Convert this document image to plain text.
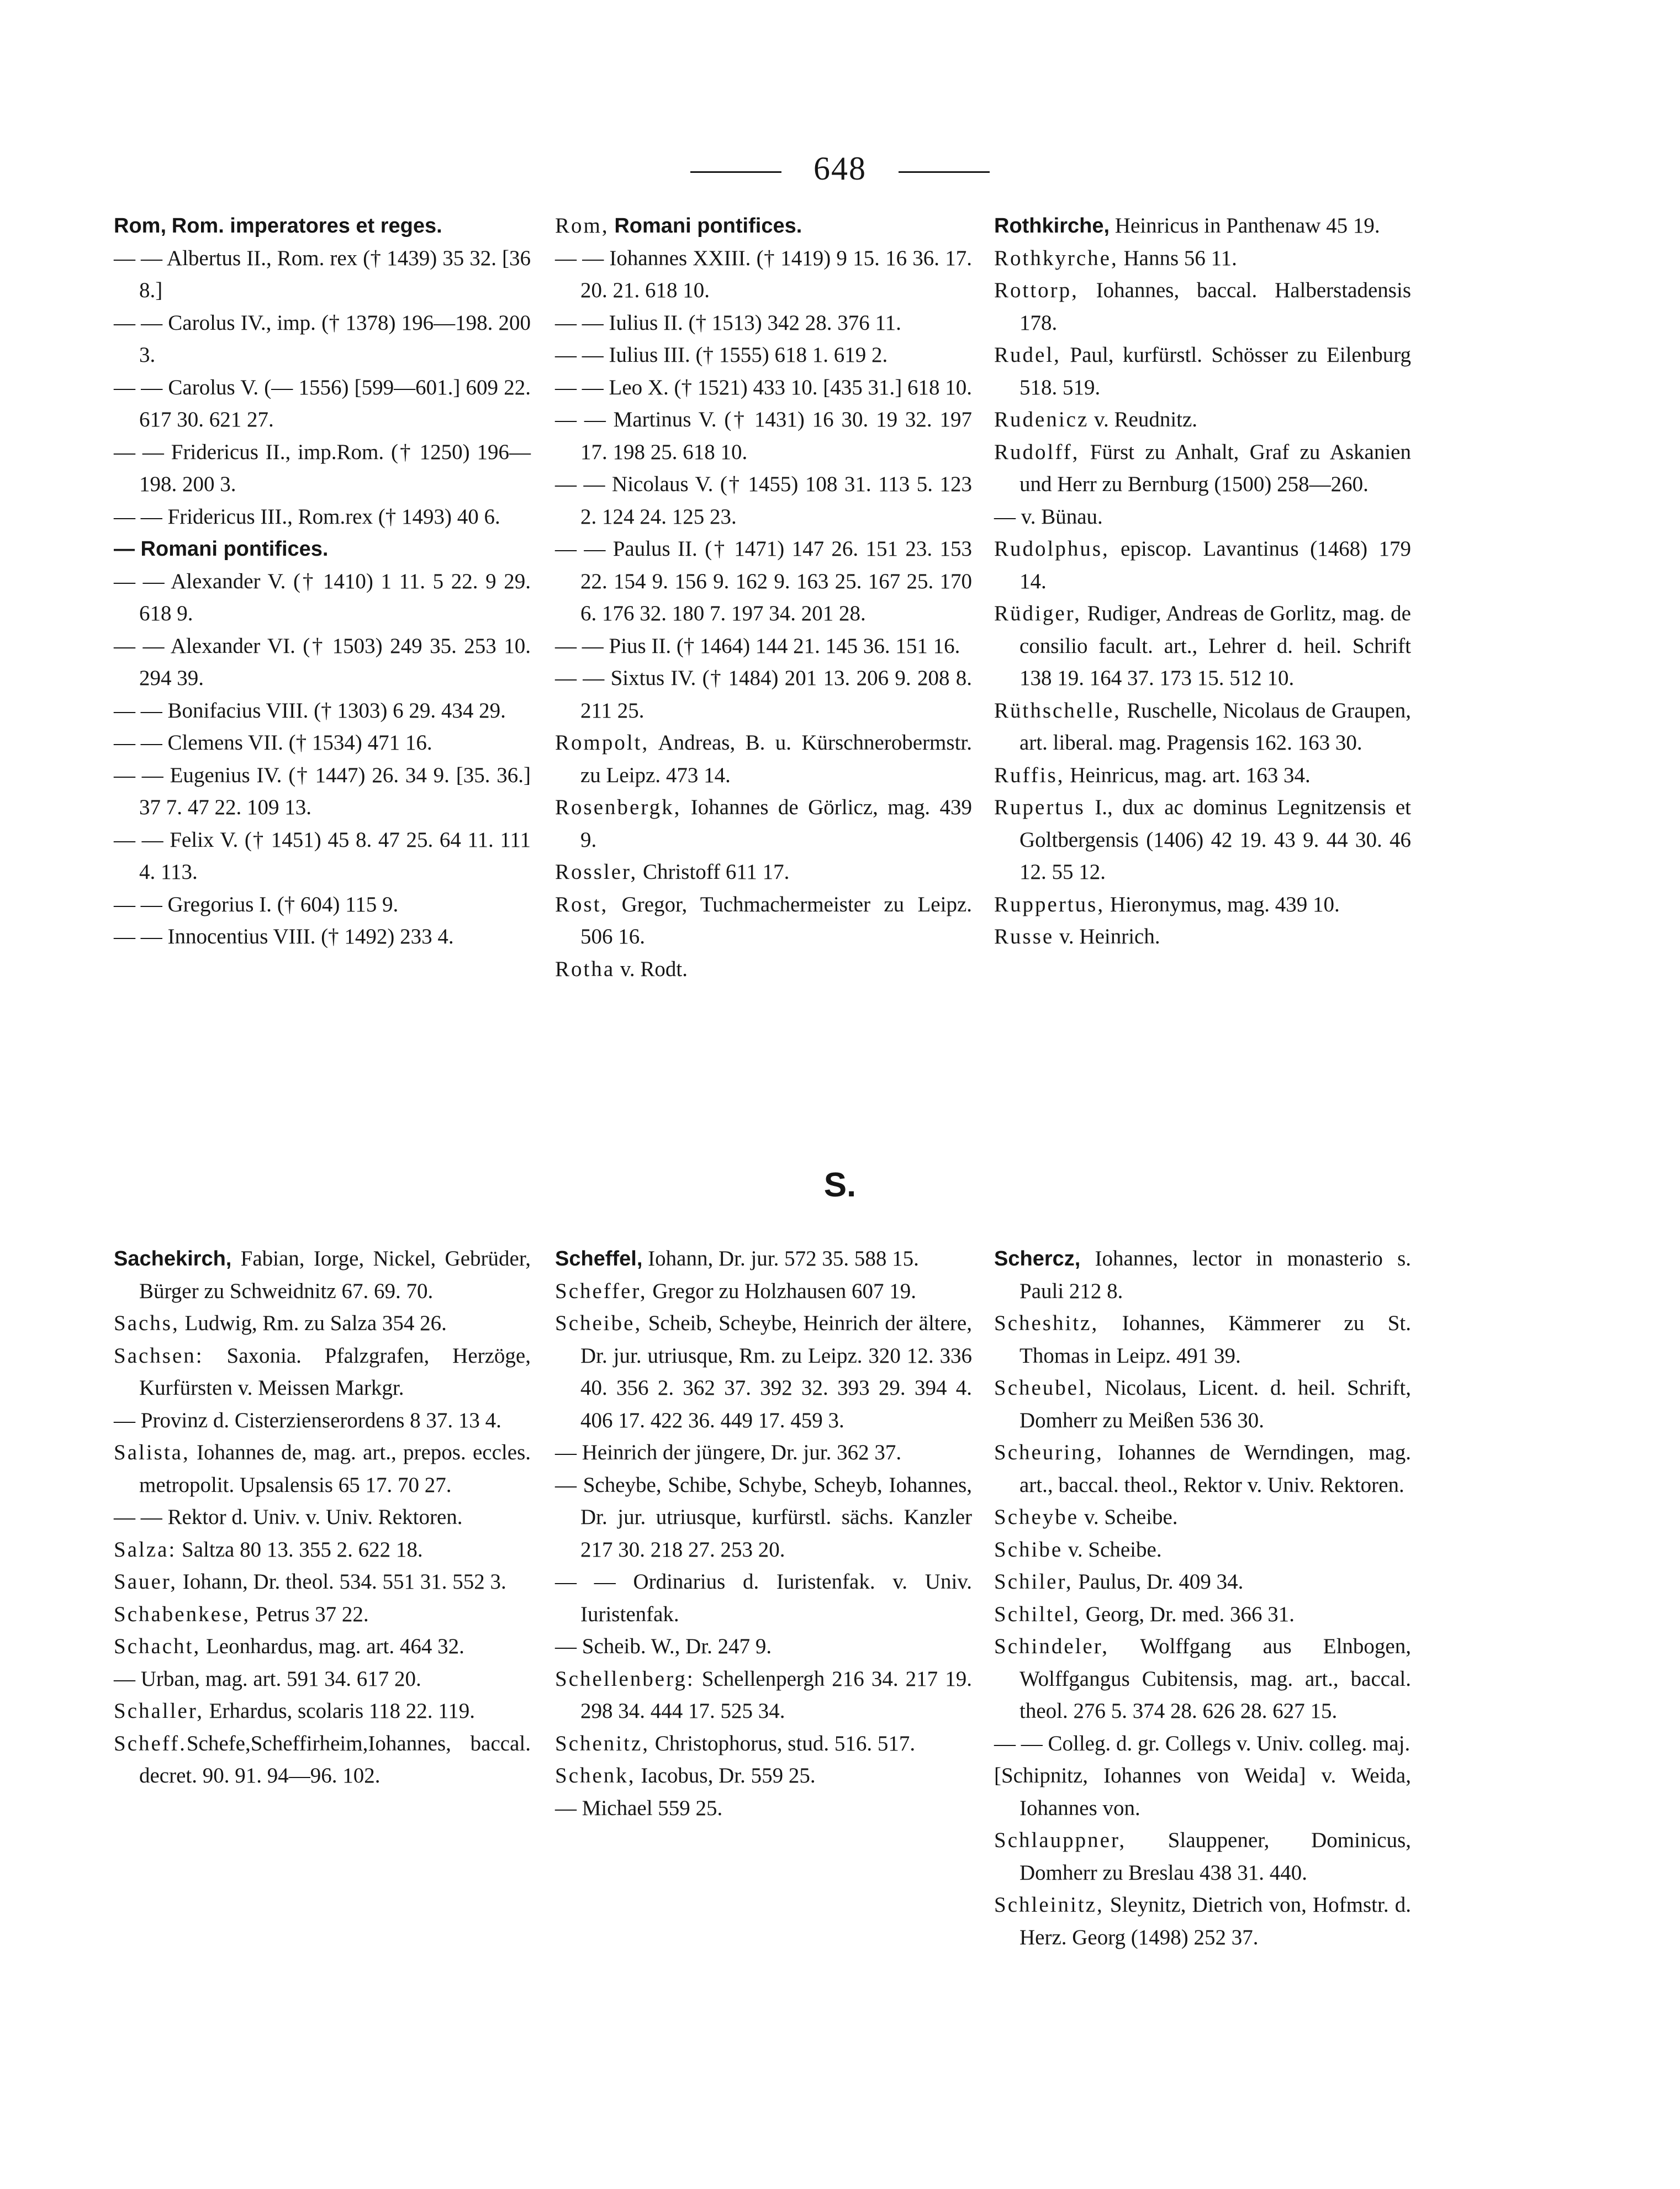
648
Rom, Rom. imperatores et reges.
— — Albertus II., Rom. rex († 1439) 35 32. [36 8.]
— — Carolus IV., imp. († 1378) 196—198. 200 3.
— — Carolus V. (— 1556) [599—601.] 609 22. 617 30. 621 27.
— — Fridericus II., imp.Rom. († 1250) 196—198. 200 3.
— — Fridericus III., Rom.rex († 1493) 40 6.
— Romani pontifices.
— — Alexander V. († 1410) 1 11. 5 22. 9 29. 618 9.
— — Alexander VI. († 1503) 249 35. 253 10. 294 39.
— — Bonifacius VIII. († 1303) 6 29. 434 29.
— — Clemens VII. († 1534) 471 16.
— — Eugenius IV. († 1447) 26. 34 9. [35. 36.] 37 7. 47 22. 109 13.
— — Felix V. († 1451) 45 8. 47 25. 64 11. 111 4. 113.
— — Gregorius I. († 604) 115 9.
— — Innocentius VIII. († 1492) 233 4.
Rom, Romani pontifices.
— — Iohannes XXIII. († 1419) 9 15. 16 36. 17. 20. 21. 618 10.
— — Iulius II. († 1513) 342 28. 376 11.
— — Iulius III. († 1555) 618 1. 619 2.
— — Leo X. († 1521) 433 10. [435 31.] 618 10.
— — Martinus V. († 1431) 16 30. 19 32. 197 17. 198 25. 618 10.
— — Nicolaus V. († 1455) 108 31. 113 5. 123 2. 124 24. 125 23.
— — Paulus II. († 1471) 147 26. 151 23. 153 22. 154 9. 156 9. 162 9. 163 25. 167 25. 170 6. 176 32. 180 7. 197 34. 201 28.
— — Pius II. († 1464) 144 21. 145 36. 151 16.
— — Sixtus IV. († 1484) 201 13. 206 9. 208 8. 211 25.
Rompolt, Andreas, B. u. Kürschnerobermstr. zu Leipz. 473 14.
Rosenbergk, Iohannes de Görlicz, mag. 439 9.
Rossler, Christoff 611 17.
Rost, Gregor, Tuchmachermeister zu Leipz. 506 16.
Rotha v. Rodt.
Rothkirche, Heinricus in Panthenaw 45 19.
Rothkyrche, Hanns 56 11.
Rottorp, Iohannes, baccal. Halberstadensis 178.
Rudel, Paul, kurfürstl. Schösser zu Eilenburg 518. 519.
Rudenicz v. Reudnitz.
Rudolff, Fürst zu Anhalt, Graf zu Askanien und Herr zu Bernburg (1500) 258—260.
— v. Bünau.
Rudolphus, episcop. Lavantinus (1468) 179 14.
Rüdiger, Rudiger, Andreas de Gorlitz, mag. de consilio facult. art., Lehrer d. heil. Schrift 138 19. 164 37. 173 15. 512 10.
Rüthschelle, Ruschelle, Nicolaus de Graupen, art. liberal. mag. Pragensis 162. 163 30.
Ruffis, Heinricus, mag. art. 163 34.
Rupertus I., dux ac dominus Legnitzensis et Goltbergensis (1406) 42 19. 43 9. 44 30. 46 12. 55 12.
Ruppertus, Hieronymus, mag. 439 10.
Russe v. Heinrich.
S.
Sachekirch, Fabian, Iorge, Nickel, Gebrüder, Bürger zu Schweidnitz 67. 69. 70.
Sachs, Ludwig, Rm. zu Salza 354 26.
Sachsen: Saxonia. Pfalzgrafen, Herzöge, Kurfürsten v. Meissen Markgr.
— Provinz d. Cisterzienserordens 8 37. 13 4.
Salista, Iohannes de, mag. art., prepos. eccles. metropolit. Upsalensis 65 17. 70 27.
— — Rektor d. Univ. v. Univ. Rektoren.
Salza: Saltza 80 13. 355 2. 622 18.
Sauer, Iohann, Dr. theol. 534. 551 31. 552 3.
Schabenkese, Petrus 37 22.
Schacht, Leonhardus, mag. art. 464 32.
— Urban, mag. art. 591 34. 617 20.
Schaller, Erhardus, scolaris 118 22. 119.
Scheff.Schefe,Scheffirheim,Iohannes, baccal. decret. 90. 91. 94—96. 102.
Scheffel, Iohann, Dr. jur. 572 35. 588 15.
Scheffer, Gregor zu Holzhausen 607 19.
Scheibe, Scheib, Scheybe, Heinrich der ältere, Dr. jur. utriusque, Rm. zu Leipz. 320 12. 336 40. 356 2. 362 37. 392 32. 393 29. 394 4. 406 17. 422 36. 449 17. 459 3.
— Heinrich der jüngere, Dr. jur. 362 37.
— Scheybe, Schibe, Schybe, Scheyb, Iohannes, Dr. jur. utriusque, kurfürstl. sächs. Kanzler 217 30. 218 27. 253 20.
— — Ordinarius d. Iuristenfak. v. Univ. Iuristenfak.
— Scheib. W., Dr. 247 9.
Schellenberg: Schellenpergh 216 34. 217 19. 298 34. 444 17. 525 34.
Schenitz, Christophorus, stud. 516. 517.
Schenk, Iacobus, Dr. 559 25.
— Michael 559 25.
Schercz, Iohannes, lector in monasterio s. Pauli 212 8.
Scheshitz, Iohannes, Kämmerer zu St. Thomas in Leipz. 491 39.
Scheubel, Nicolaus, Licent. d. heil. Schrift, Domherr zu Meißen 536 30.
Scheuring, Iohannes de Werndingen, mag. art., baccal. theol., Rektor v. Univ. Rektoren.
Scheybe v. Scheibe.
Schibe v. Scheibe.
Schiler, Paulus, Dr. 409 34.
Schiltel, Georg, Dr. med. 366 31.
Schindeler, Wolffgang aus Elnbogen, Wolffgangus Cubitensis, mag. art., baccal. theol. 276 5. 374 28. 626 28. 627 15.
— — Colleg. d. gr. Collegs v. Univ. colleg. maj.
[Schipnitz, Iohannes von Weida] v. Weida, Iohannes von.
Schlauppner, Slauppener, Dominicus, Domherr zu Breslau 438 31. 440.
Schleinitz, Sleynitz, Dietrich von, Hofmstr. d. Herz. Georg (1498) 252 37.
